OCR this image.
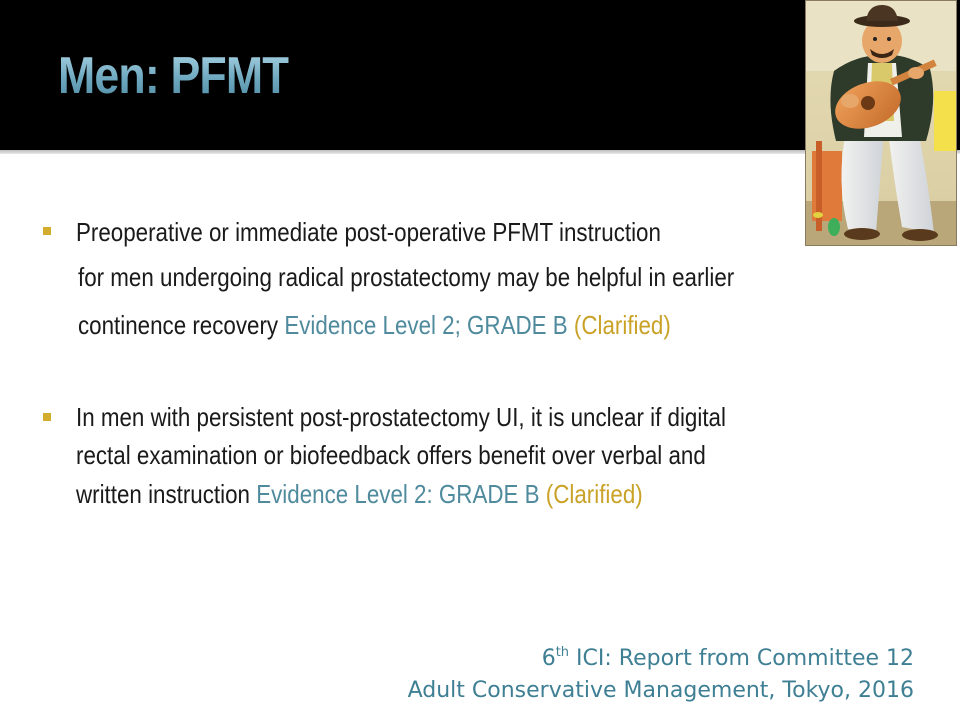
Men: PFMT
Preoperative or immediate post-operative PFMT instruction
for men undergoing radical prostatectomy may be helpful in earlier
continence recovery Evidence Level 2; GRADE B (Clarified)
In men with persistent post-prostatectomy UI, it is unclear if digital
rectal examination or biofeedback offers benefit over verbal and
written instruction Evidence Level 2: GRADE B (Clarified)
6th ICI: Report from Committee 12
Adult Conservative Management, Tokyo, 2016
